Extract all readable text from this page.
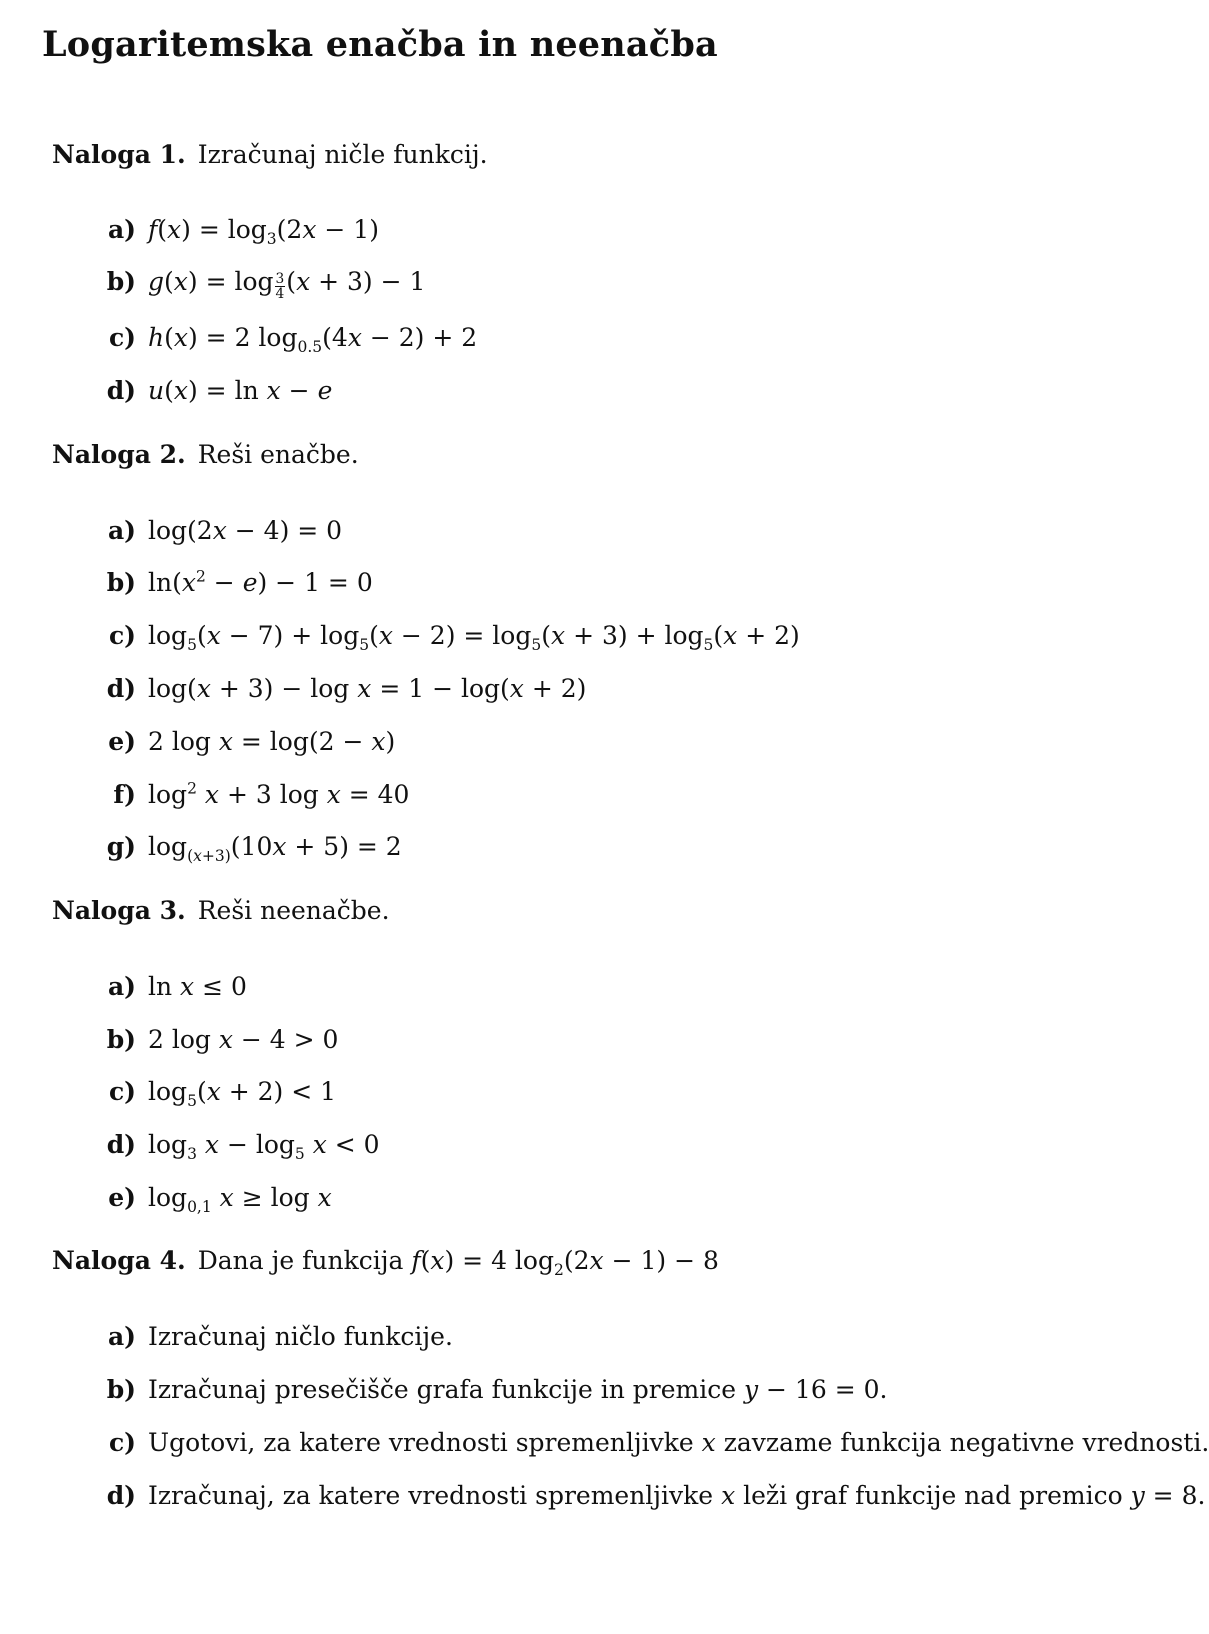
Logaritemska enačba in neenačba
Naloga 1. Izračunaj ničle funkcij.
a) $f(x) = \log_3(2x - 1)$
b) $g(x) = \log \frac{3}{4} (x + 3) - 1$
c) h(x) = 2 $\log_{0.5}(4x - 2) + 2$
d) u(x) = ln x − e
Naloga 2. Reši enačbe.
a) log(2x − 4) = 0
b) $\ln(x^2 - e) - 1 = 0$
c) $\log_5(x - 7) + \log_5(x - 2) = \log_5(x + 3) + \log_5(x + 2)$
d) log(x + 3) − log x = 1 − log(x + 2)
e) 2 log x = log(2 − x)
f) $\log^2 x + 3$ log x = 40
g) $\log_{(x+3)}(10x + 5) = 2$
Naloga 3. Reši neenačbe.
a) ln x ≤ 0
b) 2 log x − 4 > 0
c) $\log_5(x + 2) < 1$
d) $\log_3 x - \log_5 x < 0$
e) $\log_{0,1} x \ge \log x$
Naloga 4. Dana je funkcija f(x) = 4 $\log_2(2x - 1) - 8$
a) Izračunaj ničlo funkcije.
b) Izračunaj presečišče grafa funkcije in premice y − 16 = 0.
c) Ugotovi, za katere vrednosti spremenljivke x zavzame funkcija negativne vrednosti.
d) Izračunaj, za katere vrednosti spremenljivke x leži graf funkcije nad premico y = 8.
